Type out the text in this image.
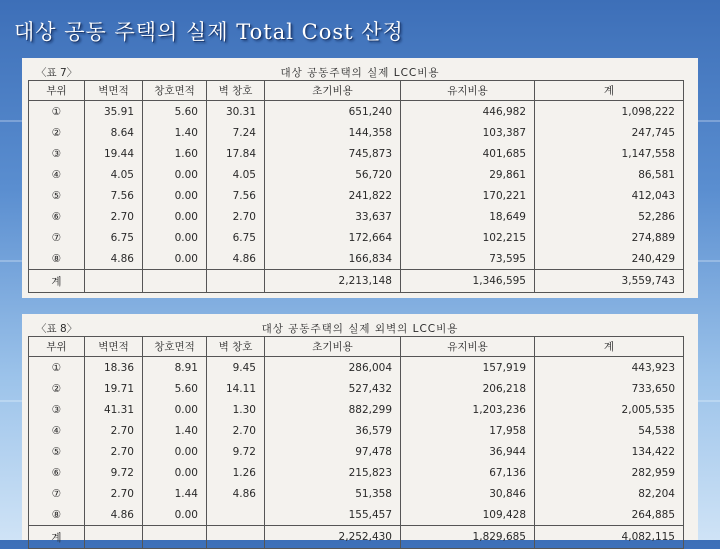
대상 공동 주택의 실제 Total Cost 산정
〈표 7〉	대상 공동주택의 실제 LCC비용
부위	벽면적	창호면적	벽 창호	초기비용	유지비용	계
①	35.91	5.60	30.31	651,240	446,982	1,098,222
②	8.64	1.40	7.24	144,358	103,387	247,745
③	19.44	1.60	17.84	745,873	401,685	1,147,558
④	4.05	0.00	4.05	56,720	29,861	86,581
⑤	7.56	0.00	7.56	241,822	170,221	412,043
⑥	2.70	0.00	2.70	33,637	18,649	52,286
⑦	6.75	0.00	6.75	172,664	102,215	274,889
⑧	4.86	0.00	4.86	166,834	73,595	240,429
계				2,213,148	1,346,595	3,559,743
〈표 8〉	대상 공동주택의 실제 외벽의 LCC비용
부위	벽면적	창호면적	벽 창호	초기비용	유지비용	계
①	18.36	8.91	9.45	286,004	157,919	443,923
②	19.71	5.60	14.11	527,432	206,218	733,650
③	41.31	0.00	1.30	882,299	1,203,236	2,005,535
④	2.70	1.40	2.70	36,579	17,958	54,538
⑤	2.70	0.00	9.72	97,478	36,944	134,422
⑥	9.72	0.00	1.26	215,823	67,136	282,959
⑦	2.70	1.44	4.86	51,358	30,846	82,204
⑧	4.86	0.00		155,457	109,428	264,885
계				2,252,430	1,829,685	4,082,115
